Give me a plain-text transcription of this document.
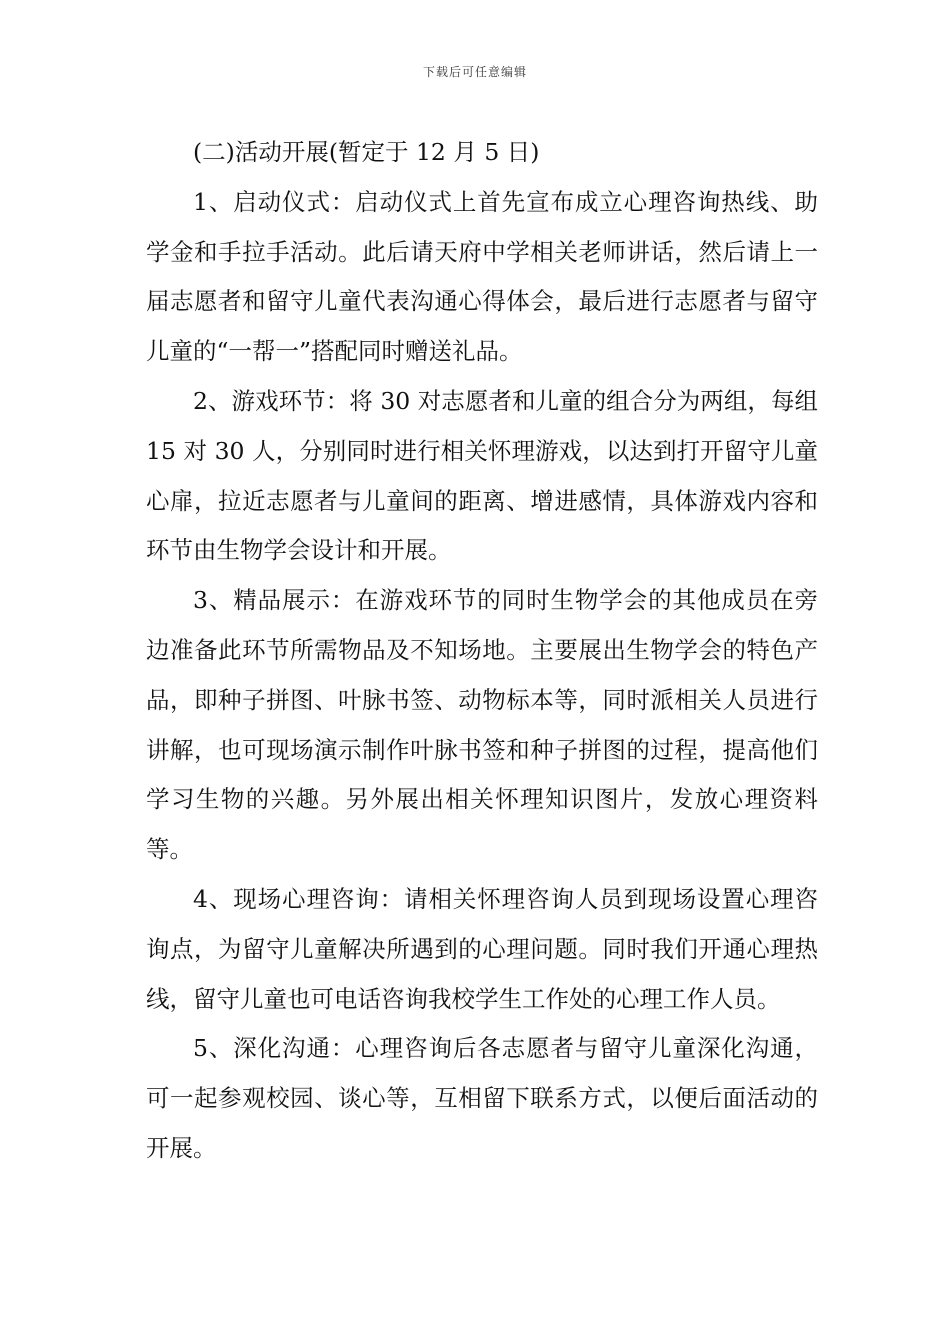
下载后可任意编辑

(二)活动开展(暂定于 12 月 5 日)

1、启动仪式：启动仪式上首先宣布成立心理咨询热线、助学金和手拉手活动。此后请天府中学相关老师讲话，然后请上一届志愿者和留守儿童代表沟通心得体会，最后进行志愿者与留守儿童的“一帮一”搭配同时赠送礼品。

2、游戏环节：将 30 对志愿者和儿童的组合分为两组，每组 15 对 30 人，分别同时进行相关怀理游戏，以达到打开留守儿童心扉，拉近志愿者与儿童间的距离、增进感情，具体游戏内容和环节由生物学会设计和开展。

3、精品展示：在游戏环节的同时生物学会的其他成员在旁边准备此环节所需物品及不知场地。主要展出生物学会的特色产品，即种子拼图、叶脉书签、动物标本等，同时派相关人员进行讲解，也可现场演示制作叶脉书签和种子拼图的过程，提高他们学习生物的兴趣。另外展出相关怀理知识图片，发放心理资料等。

4、现场心理咨询：请相关怀理咨询人员到现场设置心理咨询点，为留守儿童解决所遇到的心理问题。同时我们开通心理热线，留守儿童也可电话咨询我校学生工作处的心理工作人员。

5、深化沟通：心理咨询后各志愿者与留守儿童深化沟通，可一起参观校园、谈心等，互相留下联系方式，以便后面活动的开展。
